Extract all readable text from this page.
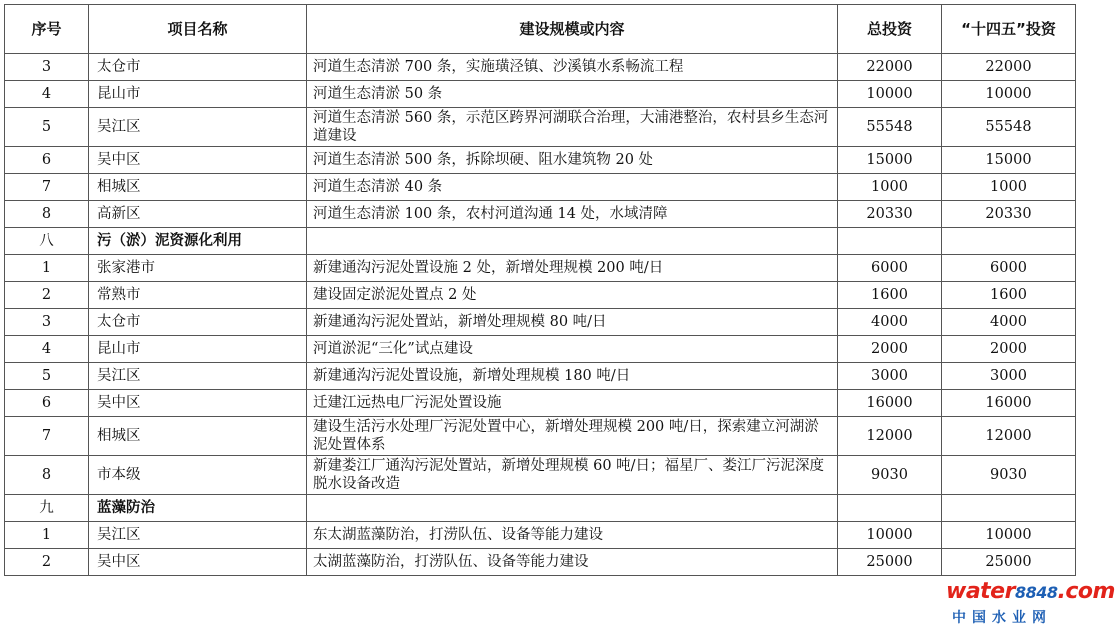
序号	项目名称	建设规模或内容	总投资	“十四五”投资
3	太仓市	河道生态清淤 700 条，实施璜泾镇、沙溪镇水系畅流工程	22000	22000
4	昆山市	河道生态清淤 50 条	10000	10000
5	吴江区	河道生态清淤 560 条，示范区跨界河湖联合治理，大浦港整治，农村县乡生态河道建设	55548	55548
6	吴中区	河道生态清淤 500 条，拆除坝硬、阻水建筑物 20 处	15000	15000
7	相城区	河道生态清淤 40 条	1000	1000
8	高新区	河道生态清淤 100 条，农村河道沟通 14 处，水域清障	20330	20330
八	污（淤）泥资源化利用			
1	张家港市	新建通沟污泥处置设施 2 处，新增处理规模 200 吨/日	6000	6000
2	常熟市	建设固定淤泥处置点 2 处	1600	1600
3	太仓市	新建通沟污泥处置站，新增处理规模 80 吨/日	4000	4000
4	昆山市	河道淤泥“三化”试点建设	2000	2000
5	吴江区	新建通沟污泥处置设施，新增处理规模 180 吨/日	3000	3000
6	吴中区	迁建江远热电厂污泥处置设施	16000	16000
7	相城区	建设生活污水处理厂污泥处置中心，新增处理规模 200 吨/日，探索建立河湖淤泥处置体系	12000	12000
8	市本级	新建娄江厂通沟污泥处置站，新增处理规模 60 吨/日；福星厂、娄江厂污泥深度脱水设备改造	9030	9030
九	蓝藻防治			
1	吴江区	东太湖蓝藻防治，打涝队伍、设备等能力建设	10000	10000
2	吴中区	太湖蓝藻防治，打涝队伍、设备等能力建设	25000	25000
water8848.com
中国水业网
